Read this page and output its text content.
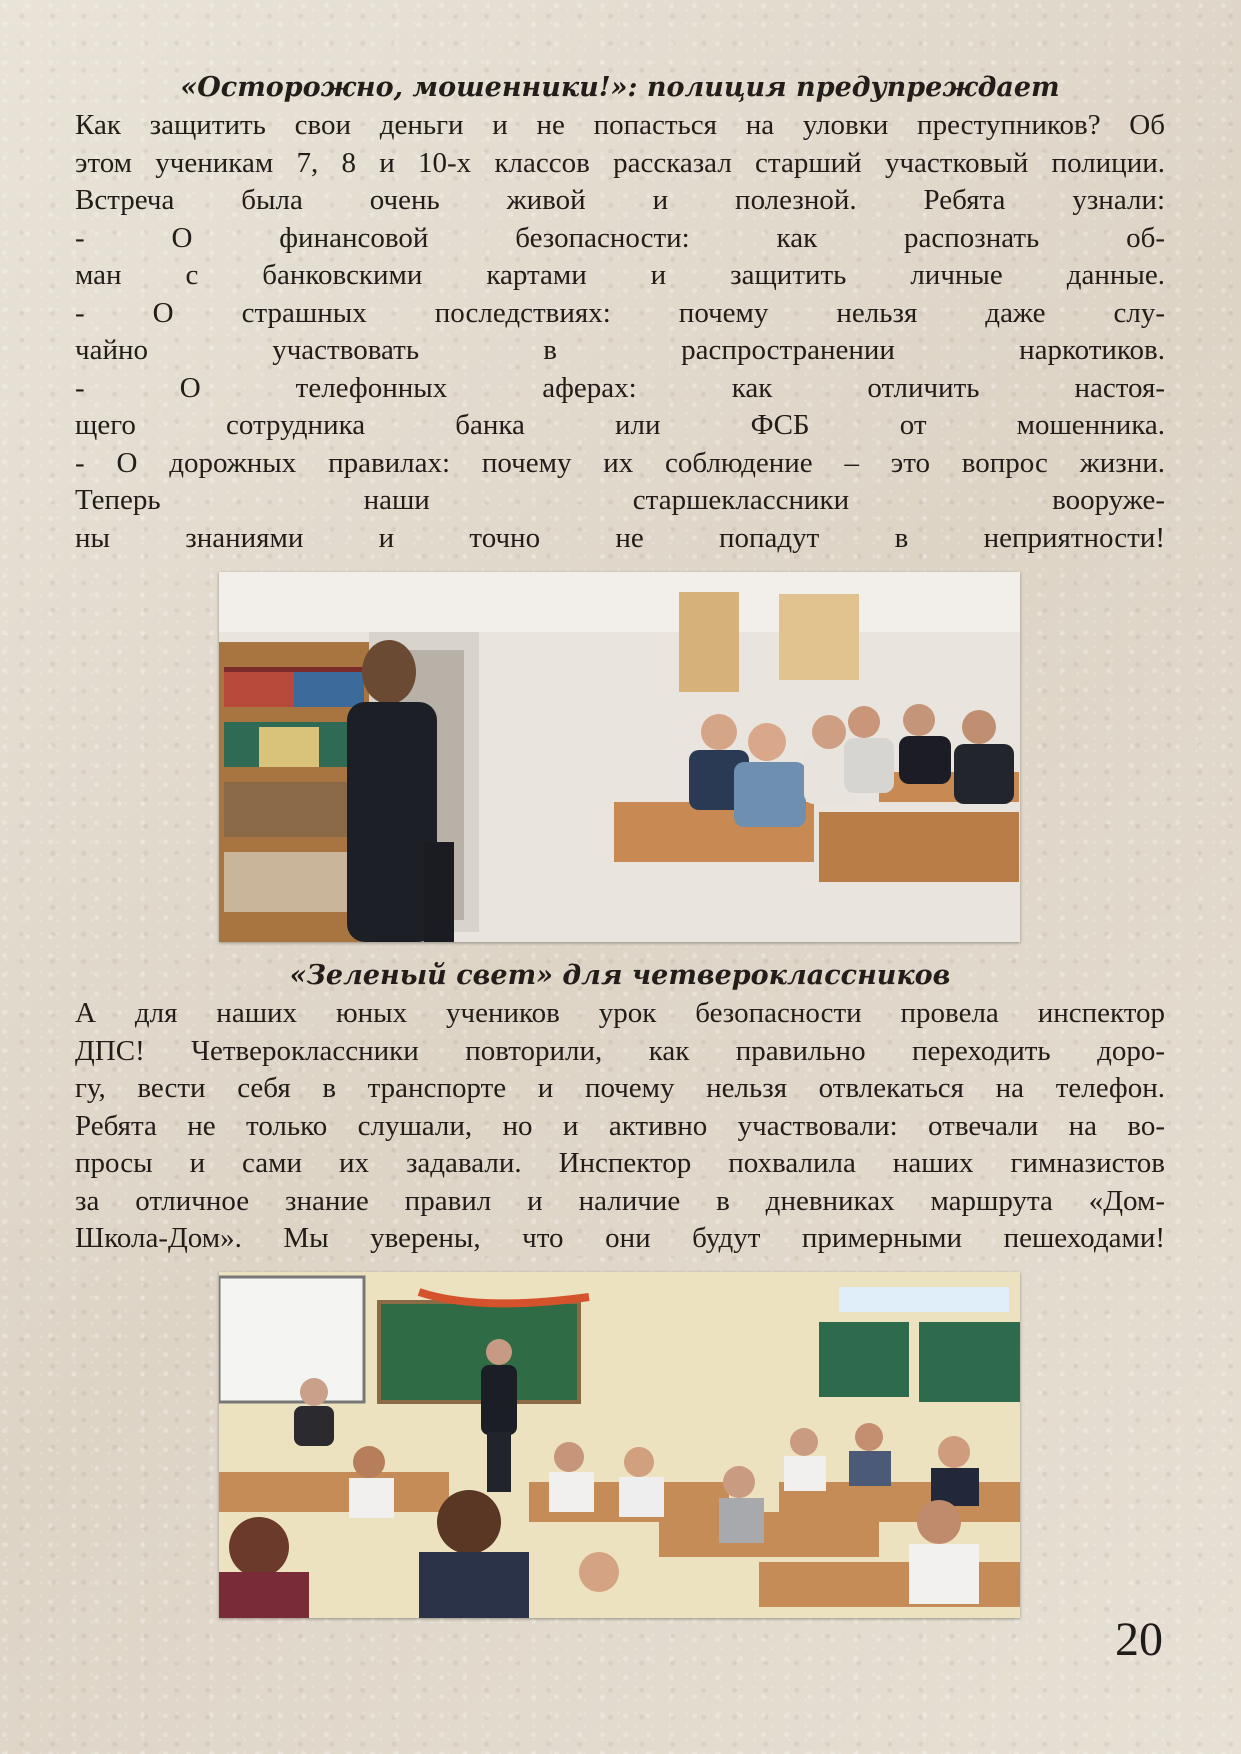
«Осторожно, мошенники!»: полиция предупреждает
Как защитить свои деньги и не попасться на уловки преступников? Об
этом ученикам 7, 8 и 10-х классов рассказал старший участковый полиции.
Встреча была очень живой и полезной. Ребята узнали:
- О финансовой безопасности: как распознать об-
ман с банковскими картами и защитить личные данные.
- О страшных последствиях: почему нельзя даже слу-
чайно участвовать в распространении наркотиков.
- О телефонных аферах: как отличить настоя-
щего сотрудника банка или ФСБ от мошенника.
- О дорожных правилах: почему их соблюдение – это вопрос жизни.
Теперь наши старшеклассники вооруже-
ны знаниями и точно не попадут в неприятности!
«Зеленый свет» для четвероклассников
А для наших юных учеников урок безопасности провела инспектор
ДПС! Четвероклассники повторили, как правильно переходить доро-
гу, вести себя в транспорте и почему нельзя отвлекаться на телефон.
Ребята не только слушали, но и активно участвовали: отвечали на во-
просы и сами их задавали. Инспектор похвалила наших гимназистов
за отличное знание правил и наличие в дневниках маршрута «Дом-
Школа-Дом». Мы уверены, что они будут примерными пешеходами!
20
